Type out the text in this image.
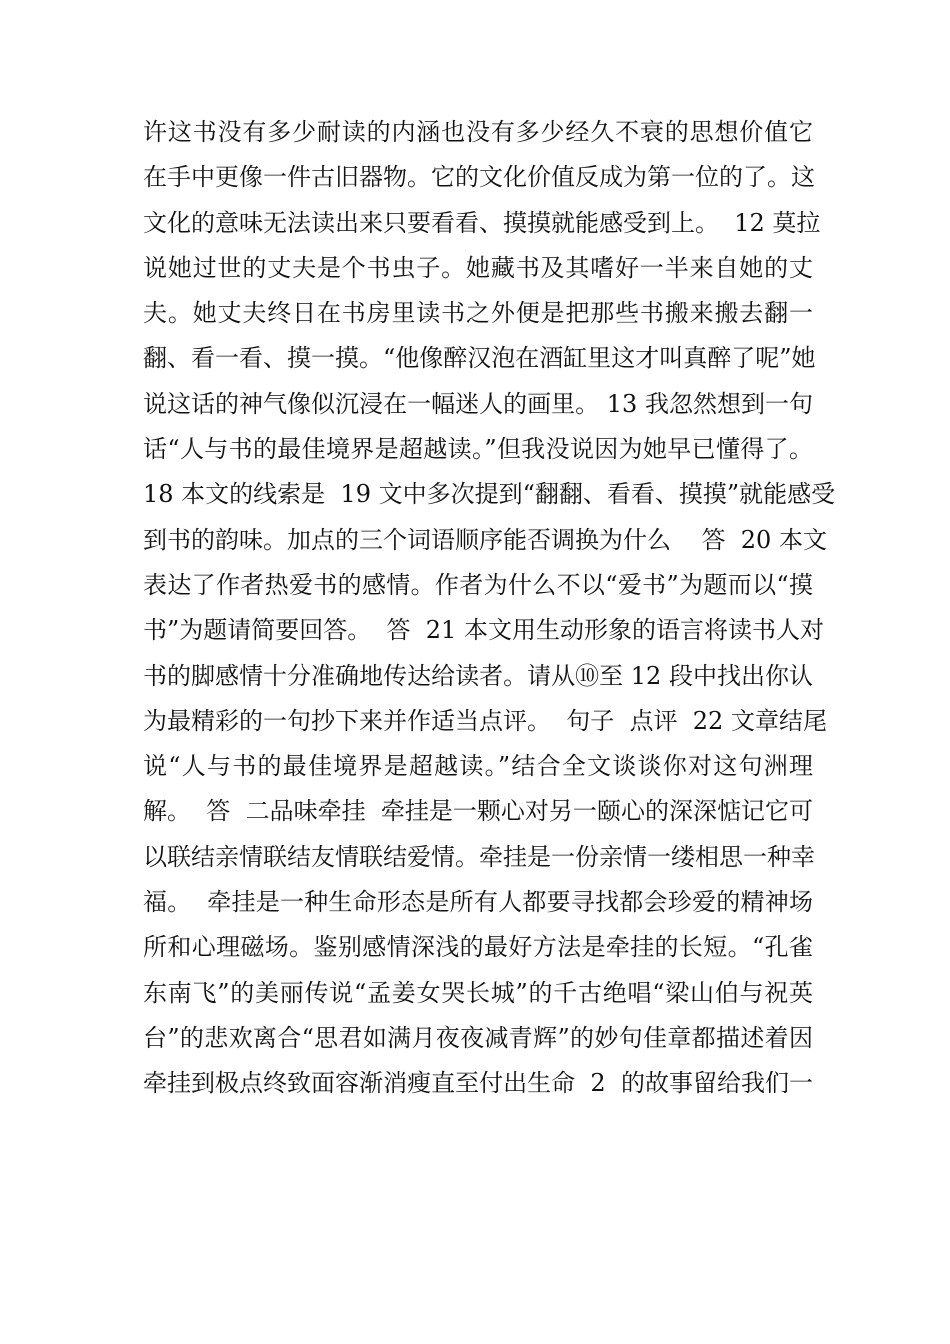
许这书没有多少耐读的内涵也没有多少经久不衰的思想价值它
在手中更像一件古旧器物。它的文化价值反成为第一位的了。这
文化的意味无法读出来只要看看、摸摸就能感受到上。  12 莫拉
说她过世的丈夫是个书虫子。她藏书及其嗜好一半来自她的丈
夫。她丈夫终日在书房里读书之外便是把那些书搬来搬去翻一
翻、看一看、摸一摸。“他像醉汉泡在酒缸里这才叫真醉了呢”她
说这话的神气像似沉浸在一幅迷人的画里。 13 我忽然想到一句
话“人与书的最佳境界是超越读。”但我没说因为她早已懂得了。
18 本文的线索是  19 文中多次提到“翻翻、看看、摸摸”就能感受
到书的韵味。加点的三个词语顺序能否调换为什么    答  20 本文
表达了作者热爱书的感情。作者为什么不以“爱书”为题而以“摸
书”为题请简要回答。  答  21 本文用生动形象的语言将读书人对
书的脚感情十分准确地传达给读者。请从⑩至 12 段中找出你认
为最精彩的一句抄下来并作适当点评。  句子  点评  22 文章结尾
说“人与书的最佳境界是超越读。”结合全文谈谈你对这句洲理
解。  答  二品味牵挂  牵挂是一颗心对另一颐心的深深惦记它可
以联结亲情联结友情联结爱情。牵挂是一份亲情一缕相思一种幸
福。  牵挂是一种生命形态是所有人都要寻找都会珍爱的精神场
所和心理磁场。鉴别感情深浅的最好方法是牵挂的长短。“孔雀
东南飞”的美丽传说“孟姜女哭长城”的千古绝唱“梁山伯与祝英
台”的悲欢离合“思君如满月夜夜减青辉”的妙句佳章都描述着因
牵挂到极点终致面容渐消瘦直至付出生命  2  的故事留给我们一
